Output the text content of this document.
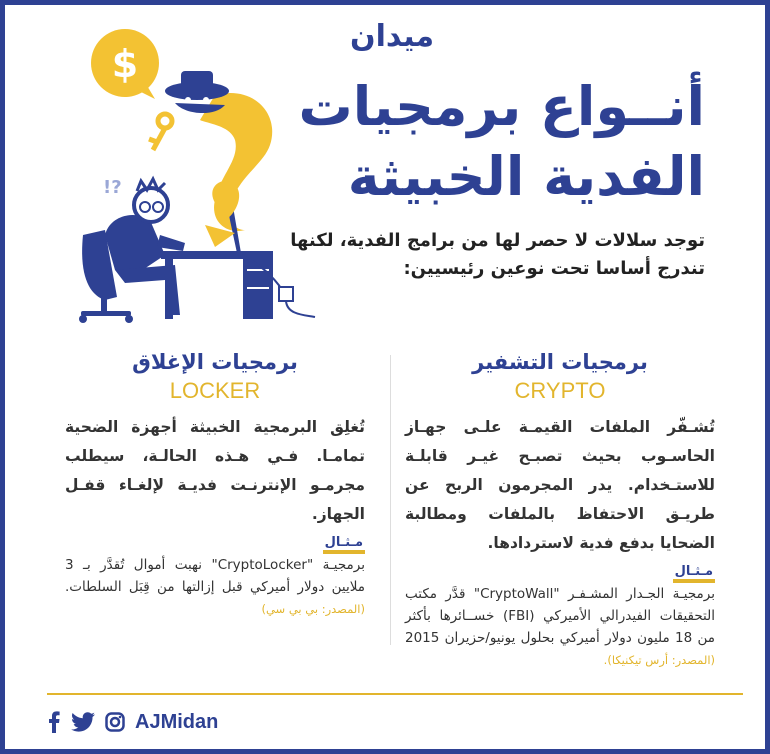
ميدان
$
!?
أنــواع برمجيات
الفدية الخبيثة
توجد سلالات لا حصر لها من برامج الفدية، لكنها تندرج أساسا تحت نوعين رئيسيين:
برمجيات التشفير
CRYPTO
تُشـفّر الملفات القيمـة علـى جهـاز الحاسـوب بحيث تصبـح غيـر قابلـة للاستـخدام. يدر المجرمون الربح عن طريـق الاحتفاظ بالملفات ومطالبة الضحايا بدفع فدية لاستردادها.
مـثـال
برمجيـة الجـدار المشـفـر "CryptoWall" قدَّر مكتب التحقيقات الفيدرالي الأميركي (FBI) خســائرها بأكثر من 18 مليون دولار أميركي بحلول يونيو/حزيران 2015 (المصدر: أرس تيكنيكا).
برمجيات الإغلاق
LOCKER
تُغلِق البرمجية الخبيثة أجهزة الضحية تمامـا. فـي هـذه الحالـة، سيطلب مجرمـو الإنترنـت فديـة لإلغـاء قفـل الجهاز.
مـثـال
برمجيـة "CryptoLocker" نهبت أموال تُقدَّر بـ 3 ملايين دولار أميركي قبل إزالتها من قِبَل السلطات. (المصدر: بي بي سي)
AJMidan
